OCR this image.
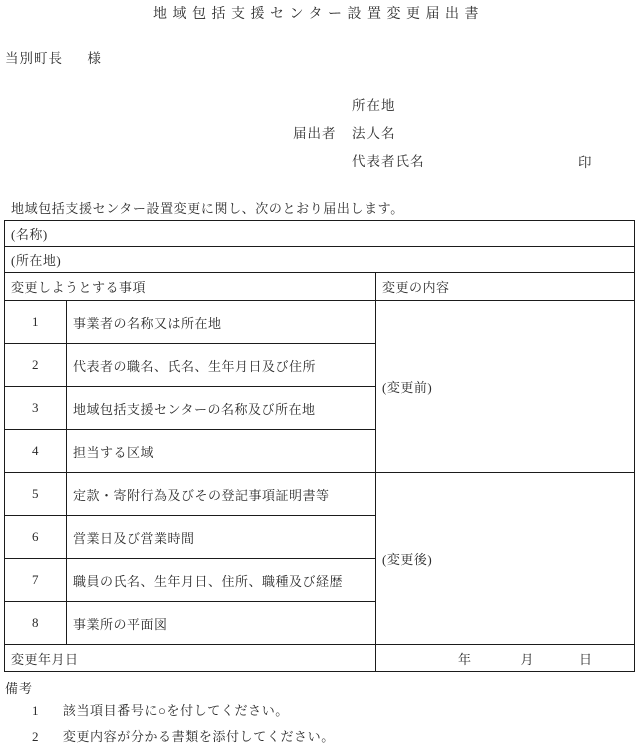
地域包括支援センター設置変更届出書
当別町長 様
届出者
所在地
法人名
代表者氏名	印
地域包括支援センター設置変更に関し、次のとおり届出します。
(名称)		
(所在地)		
変更しようとする事項		変更の内容
1	事業者の名称又は所在地	(変更前)
2	代表者の職名、氏名、生年月日及び住所	
3	地域包括支援センターの名称及び所在地	
4	担当する区域	
5	定款・寄附行為及びその登記事項証明書等	(変更後)
6	営業日及び営業時間	
7	職員の氏名、生年月日、住所、職種及び経歴	
8	事業所の平面図	
変更年月日		年 月 日
備考
1 該当項目番号に○を付してください。
2 変更内容が分かる書類を添付してください。
